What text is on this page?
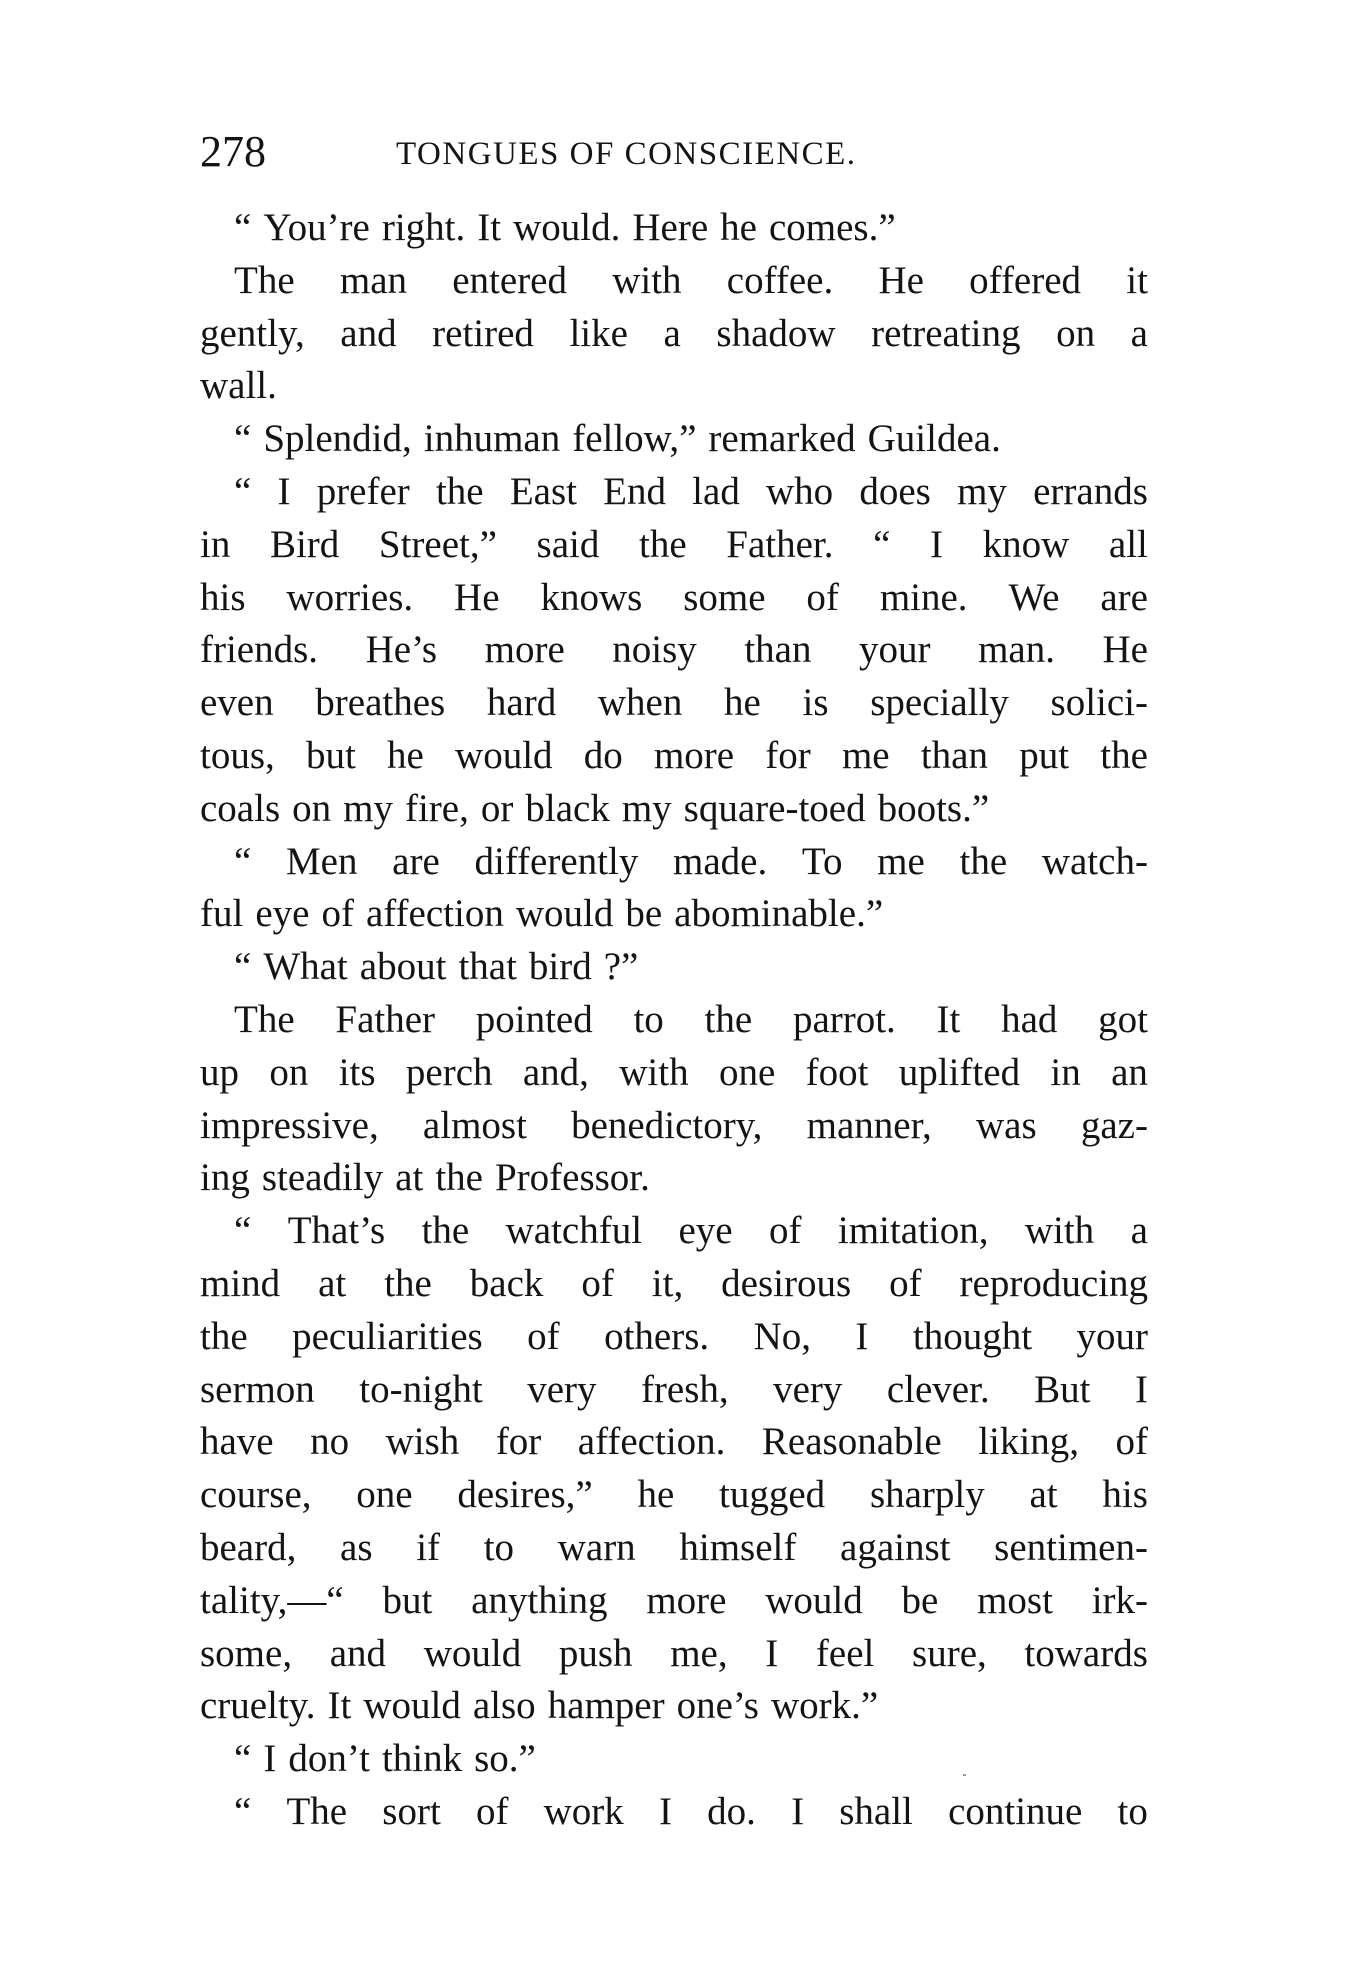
278	TONGUES OF CONSCIENCE.
“ You’re right. It would. Here he comes.”
The man entered with coffee. He offered it
gently, and retired like a shadow retreating on a
wall.
“ Splendid, inhuman fellow,” remarked Guildea.
“ I prefer the East End lad who does my errands
in Bird Street,” said the Father. “ I know all
his worries. He knows some of mine. We are
friends. He’s more noisy than your man. He
even breathes hard when he is specially solici-
tous, but he would do more for me than put the
coals on my fire, or black my square-toed boots.”
“ Men are differently made. To me the watch-
ful eye of affection would be abominable.”
“ What about that bird ?”
The Father pointed to the parrot. It had got
up on its perch and, with one foot uplifted in an
impressive, almost benedictory, manner, was gaz-
ing steadily at the Professor.
“ That’s the watchful eye of imitation, with a
mind at the back of it, desirous of reproducing
the peculiarities of others. No, I thought your
sermon to-night very fresh, very clever. But I
have no wish for affection. Reasonable liking, of
course, one desires,” he tugged sharply at his
beard, as if to warn himself against sentimen-
tality,—“ but anything more would be most irk-
some, and would push me, I feel sure, towards
cruelty. It would also hamper one’s work.”
“ I don’t think so.”
“ The sort of work I do. I shall continue to
